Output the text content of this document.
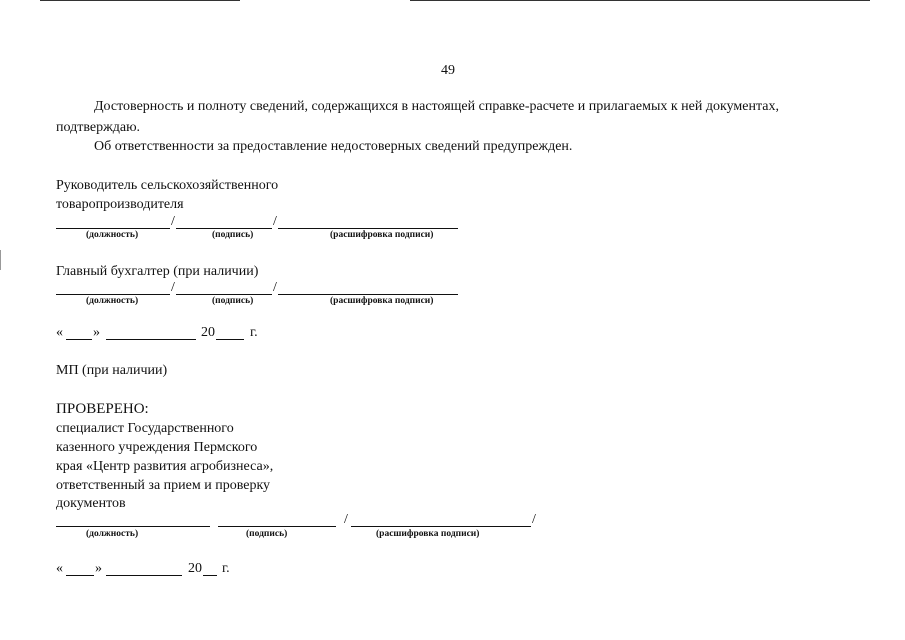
49
Достоверность и полноту сведений, содержащихся в настоящей справке-расчете и прилагаемых к ней документах,
подтверждаю.
Об ответственности за предоставление недостоверных сведений предупрежден.
Руководитель сельскохозяйственного
товаропроизводителя
/	/
(должность)	(подпись)	(расшифровка подписи)
Главный бухгалтер (при наличии)
/	/
(должность)	(подпись)	(расшифровка подписи)
« »	20	г.
МП (при наличии)
ПРОВЕРЕНО:
специалист Государственного
казенного учреждения Пермского
края «Центр развития агробизнеса»,
ответственный за прием и проверку
документов
/	/
(должность)	(подпись)	(расшифровка подписи)
« »	20 г.
